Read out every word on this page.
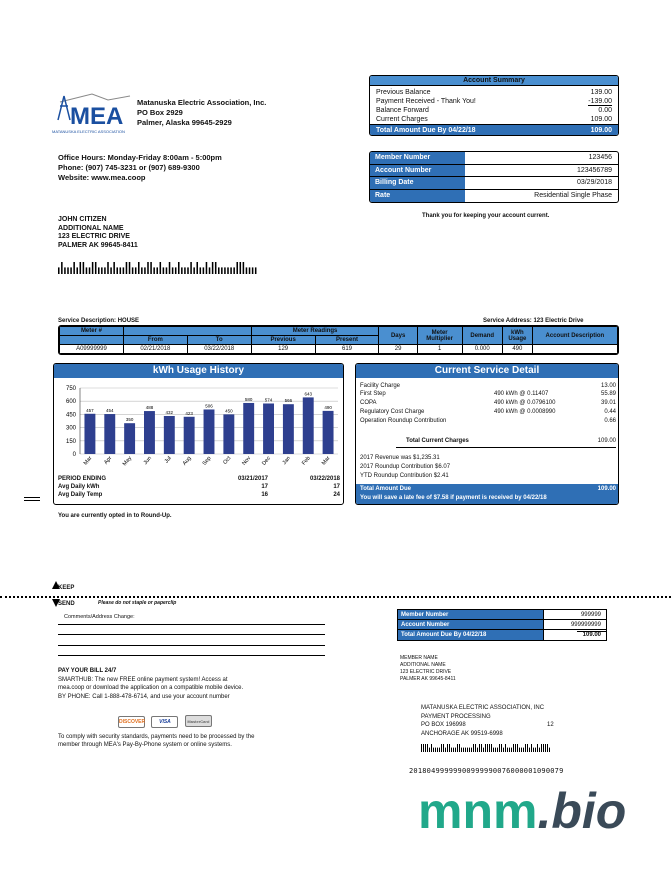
MEA
MATANUSKA ELECTRIC ASSOCIATION
Matanuska Electric Association, Inc.
PO Box 2929
Palmer, Alaska 99645-2929
Office Hours: Monday-Friday 8:00am - 5:00pm
Phone: (907) 745-3231 or (907) 689-9300
Website: www.mea.coop
JOHN CITIZEN
ADDITIONAL NAME
123 ELECTRIC DRIVE
PALMER AK 99645-8411
Account Summary
Previous Balance	139.00
Payment Received - Thank You!	-139.00
Balance Forward	0.00
Current Charges	109.00
Total Amount Due By 04/22/18	109.00
Member Number	123456
Account Number	123456789
Billing Date	03/29/2018
Rate	Residential Single Phase
Thank you for keeping your account current.
Service Description: HOUSE	Service Address: 123 Electric Drive
Meter #			Meter Readings		Days	Meter Multiplier	Demand	kWh Usage	Account Description
	From	To	Previous	Present					
A09999999	02/21/2018	03/22/2018	129	619	29	1	0.000	490	
kWh Usage History
0
150
300
450
600
750
457
Mar
454
Apr
350
May
488
Jun
432
Jul
423
Aug
506
Sep
450
Oct
580
Nov
574
Dec
566
Jan
643
Feb
490
Mar
PERIOD ENDING	03/21/2017	03/22/2018
Avg Daily kWh	17	17
Avg Daily Temp	16	24
Current Service Detail
Facility Charge	13.00
First Step	490 kWh @ 0.11407	55.89
COPA	490 kWh @ 0.0796100	39.01
Regulatory Cost Charge	490 kWh @ 0.0008990	0.44
Operation Roundup Contribution	0.66
Total Current Charges	109.00
2017 Revenue was $1,235.31
2017 Roundup Contribution $6.07
YTD Roundup Contribution $2.41
Total Amount Due	109.00
You will save a late fee of $7.58 if payment is received by 04/22/18
You are currently opted in to Round-Up.
KEEP
SEND	Please do not staple or paperclip
Comments/Address Change:
PAY YOUR BILL 24/7
SMARTHUB: The new FREE online payment system! Access at
mea.coop or download the application on a compatible mobile device.
BY PHONE: Call 1-888-478-6714, and use your account number
DISCOVER	VISA	MasterCard
To comply with security standards, payments need to be processed by the
member through MEA's Pay-By-Phone system or online systems.
Member Number	999999
Account Number	999999999
Total Amount Due By 04/22/18	109.00
MEMBER NAME
ADDITIONAL NAME
123 ELECTRIC DRIVE
PALMER AK 99645-8411
MATANUSKA ELECTRIC ASSOCIATION, INC
PAYMENT PROCESSING
PO BOX 196998
ANCHORAGE AK 99519-6998
12
20180499999900999990076000001090079
mnm.bio
